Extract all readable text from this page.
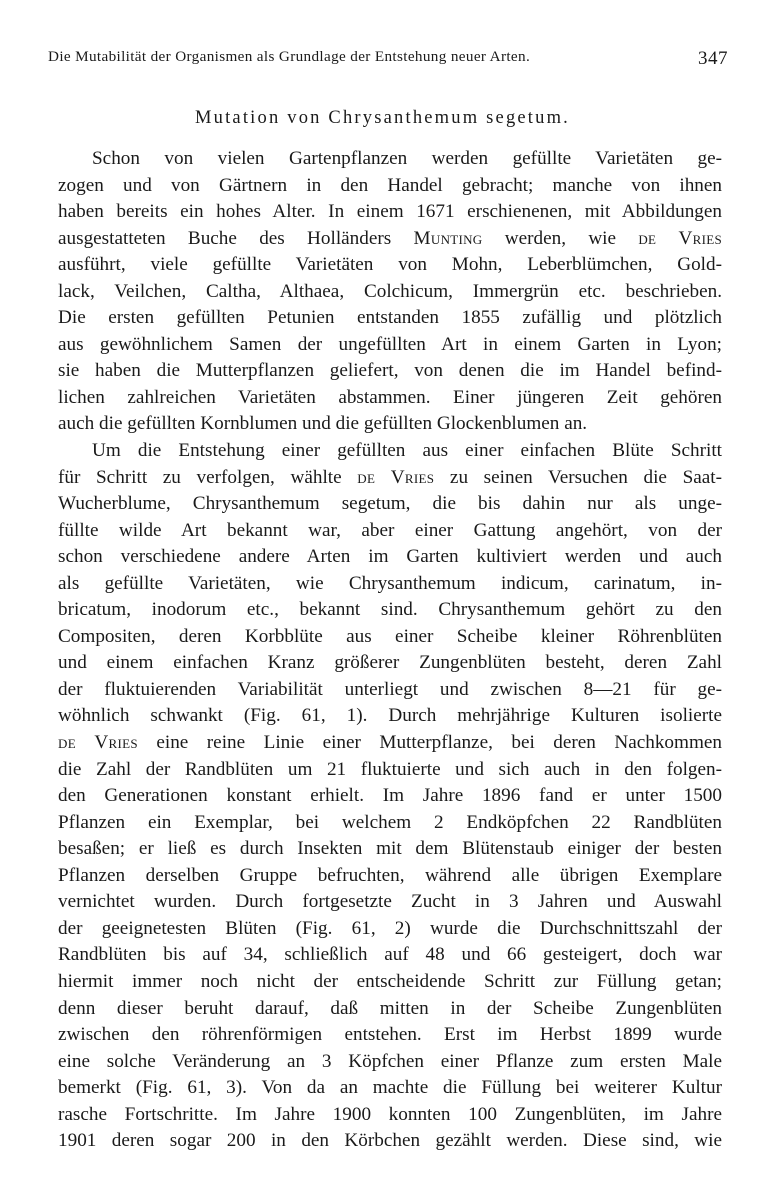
Die Mutabilität der Organismen als Grundlage der Entstehung neuer Arten.	347
Mutation von Chrysanthemum segetum.
Schon von vielen Gartenpflanzen werden gefüllte Varietäten ge-
zogen und von Gärtnern in den Handel gebracht; manche von ihnen
haben bereits ein hohes Alter. In einem 1671 erschienenen, mit Abbildungen
ausgestatteten Buche des Holländers Munting werden, wie de Vries
ausführt, viele gefüllte Varietäten von Mohn, Leberblümchen, Gold-
lack, Veilchen, Caltha, Althaea, Colchicum, Immergrün etc. beschrieben.
Die ersten gefüllten Petunien entstanden 1855 zufällig und plötzlich
aus gewöhnlichem Samen der ungefüllten Art in einem Garten in Lyon;
sie haben die Mutterpflanzen geliefert, von denen die im Handel befind-
lichen zahlreichen Varietäten abstammen. Einer jüngeren Zeit gehören
auch die gefüllten Kornblumen und die gefüllten Glockenblumen an.
Um die Entstehung einer gefüllten aus einer einfachen Blüte Schritt
für Schritt zu verfolgen, wählte de Vries zu seinen Versuchen die Saat-
Wucherblume, Chrysanthemum segetum, die bis dahin nur als unge-
füllte wilde Art bekannt war, aber einer Gattung angehört, von der
schon verschiedene andere Arten im Garten kultiviert werden und auch
als gefüllte Varietäten, wie Chrysanthemum indicum, carinatum, in-
bricatum, inodorum etc., bekannt sind. Chrysanthemum gehört zu den
Compositen, deren Korbblüte aus einer Scheibe kleiner Röhrenblüten
und einem einfachen Kranz größerer Zungenblüten besteht, deren Zahl
der fluktuierenden Variabilität unterliegt und zwischen 8—21 für ge-
wöhnlich schwankt (Fig. 61, 1). Durch mehrjährige Kulturen isolierte
de Vries eine reine Linie einer Mutterpflanze, bei deren Nachkommen
die Zahl der Randblüten um 21 fluktuierte und sich auch in den folgen-
den Generationen konstant erhielt. Im Jahre 1896 fand er unter 1500
Pflanzen ein Exemplar, bei welchem 2 Endköpfchen 22 Randblüten
besaßen; er ließ es durch Insekten mit dem Blütenstaub einiger der besten
Pflanzen derselben Gruppe befruchten, während alle übrigen Exemplare
vernichtet wurden. Durch fortgesetzte Zucht in 3 Jahren und Auswahl
der geeignetesten Blüten (Fig. 61, 2) wurde die Durchschnittszahl der
Randblüten bis auf 34, schließlich auf 48 und 66 gesteigert, doch war
hiermit immer noch nicht der entscheidende Schritt zur Füllung getan;
denn dieser beruht darauf, daß mitten in der Scheibe Zungenblüten
zwischen den röhrenförmigen entstehen. Erst im Herbst 1899 wurde
eine solche Veränderung an 3 Köpfchen einer Pflanze zum ersten Male
bemerkt (Fig. 61, 3). Von da an machte die Füllung bei weiterer Kultur
rasche Fortschritte. Im Jahre 1900 konnten 100 Zungenblüten, im Jahre
1901 deren sogar 200 in den Körbchen gezählt werden. Diese sind, wie
